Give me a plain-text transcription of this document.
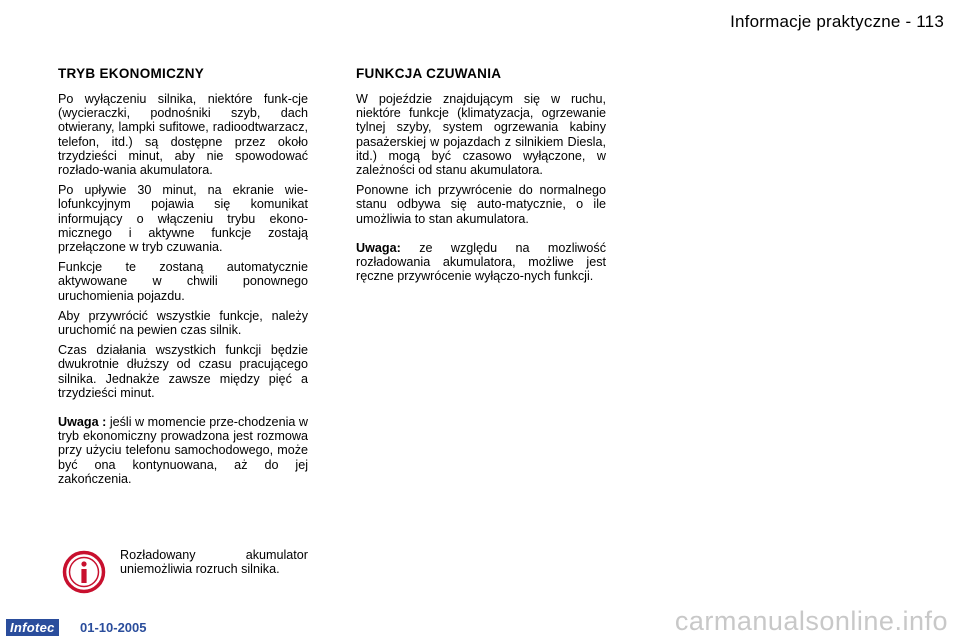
Informacje praktyczne - 113
TRYB EKONOMICZNY	FUNKCJA CZUWANIA

Po wyłączeniu silnika, niektóre funk-cje (wycieraczki, podnośniki szyb, dach otwierany, lampki sufitowe, radioodtwarzacz, telefon, itd.) są dostępne przez około trzydzieści minut, aby nie spowodować rozłado-wania akumulatora.

Po upływie 30 minut, na ekranie wie-lofunkcyjnym pojawia się komunikat informujący o włączeniu trybu ekono-micznego i aktywne funkcje zostają przełączone w tryb czuwania.

Funkcje te zostaną automatycznie aktywowane w chwili ponownego uruchomienia pojazdu.

Aby przywrócić wszystkie funkcje, należy uruchomić na pewien czas silnik.

Czas działania wszystkich funkcji będzie dwukrotnie dłuższy od czasu pracującego silnika. Jednakże zawsze między pięć a trzydzieści minut.

Uwaga : jeśli w momencie prze-chodzenia w tryb ekonomiczny prowadzona jest rozmowa przy użyciu telefonu samochodowego, może być ona kontynuowana, aż do jej zakończenia.

Rozładowany akumulator uniemożliwia rozruch silnika.

W pojeździe znajdującym się w ruchu, niektóre funkcje (klimatyzacja, ogrzewanie tylnej szyby, system ogrzewania kabiny pasażerskiej w pojazdach z silnikiem Diesla, itd.) mogą być czasowo wyłączone, w zależności od stanu akumulatora.

Ponowne ich przywrócenie do normalnego stanu odbywa się auto-matycznie, o ile umożliwia to stan akumulatora.

Uwaga: ze względu na mozliwość rozładowania akumulatora, możliwe jest ręczne przywrócenie wyłączo-nych funkcji.

Infotec	01-10-2005	carmanualsonline.info
